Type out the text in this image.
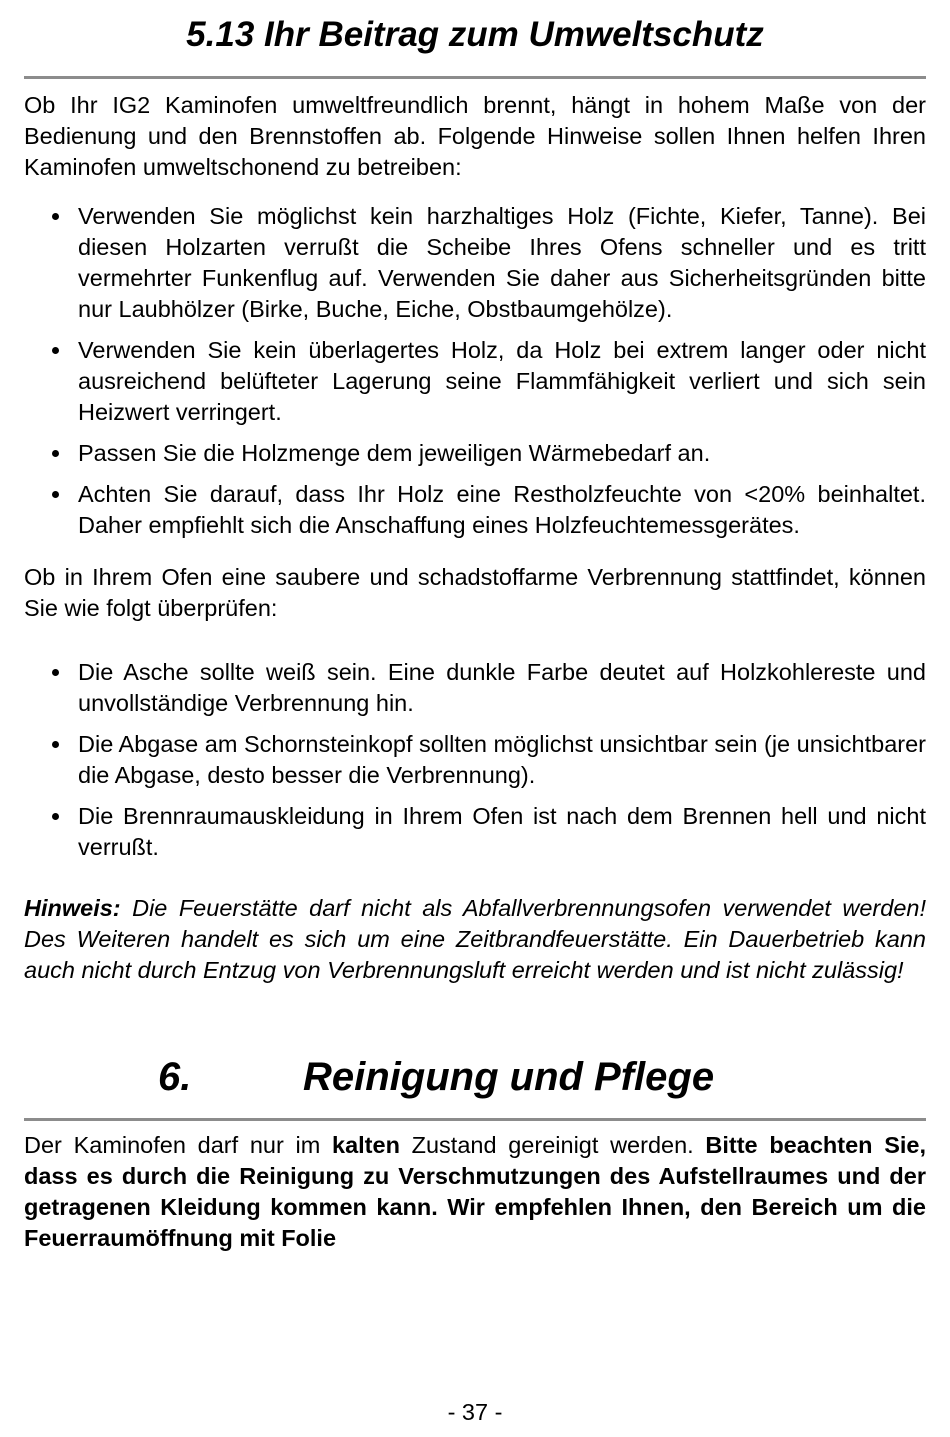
5.13 Ihr Beitrag zum Umweltschutz

Ob Ihr IG2 Kaminofen umweltfreundlich brennt, hängt in hohem Maße von der Bedienung und den Brennstoffen ab. Folgende Hinweise sollen Ihnen helfen Ihren Kaminofen umweltschonend zu betreiben:

Verwenden Sie möglichst kein harzhaltiges Holz (Fichte, Kiefer, Tanne). Bei diesen Holzarten verrußt die Scheibe Ihres Ofens schneller und es tritt vermehrter Funkenflug auf. Verwenden Sie daher aus Sicherheitsgründen bitte nur Laubhölzer (Birke, Buche, Eiche, Obstbaumgehölze).
Verwenden Sie kein überlagertes Holz, da Holz bei extrem langer oder nicht ausreichend belüfteter Lagerung seine Flammfähigkeit verliert und sich sein Heizwert verringert.
Passen Sie die Holzmenge dem jeweiligen Wärmebedarf an.
Achten Sie darauf, dass Ihr Holz eine Restholzfeuchte von <20% beinhaltet. Daher empfiehlt sich die Anschaffung eines Holzfeuchtemessgerätes.

Ob in Ihrem Ofen eine saubere und schadstoffarme Verbrennung stattfindet, können Sie wie folgt überprüfen:

Die Asche sollte weiß sein. Eine dunkle Farbe deutet auf Holzkohlereste und unvollständige Verbrennung hin.
Die Abgase am Schornsteinkopf sollten möglichst unsichtbar sein (je unsichtbarer die Abgase, desto besser die Verbrennung).
Die Brennraumauskleidung in Ihrem Ofen ist nach dem Brennen hell und nicht verrußt.

Hinweis: Die Feuerstätte darf nicht als Abfallverbrennungsofen verwendet werden! Des Weiteren handelt es sich um eine Zeitbrandfeuerstätte. Ein Dauerbetrieb kann auch nicht durch Entzug von Verbrennungsluft erreicht werden und ist nicht zulässig!

6.	Reinigung und Pflege

Der Kaminofen darf nur im kalten Zustand gereinigt werden. Bitte beachten Sie, dass es durch die Reinigung zu Verschmutzungen des Aufstellraumes und der getragenen Kleidung kommen kann. Wir empfehlen Ihnen, den Bereich um die Feuerraumöffnung mit Folie

- 37 -
